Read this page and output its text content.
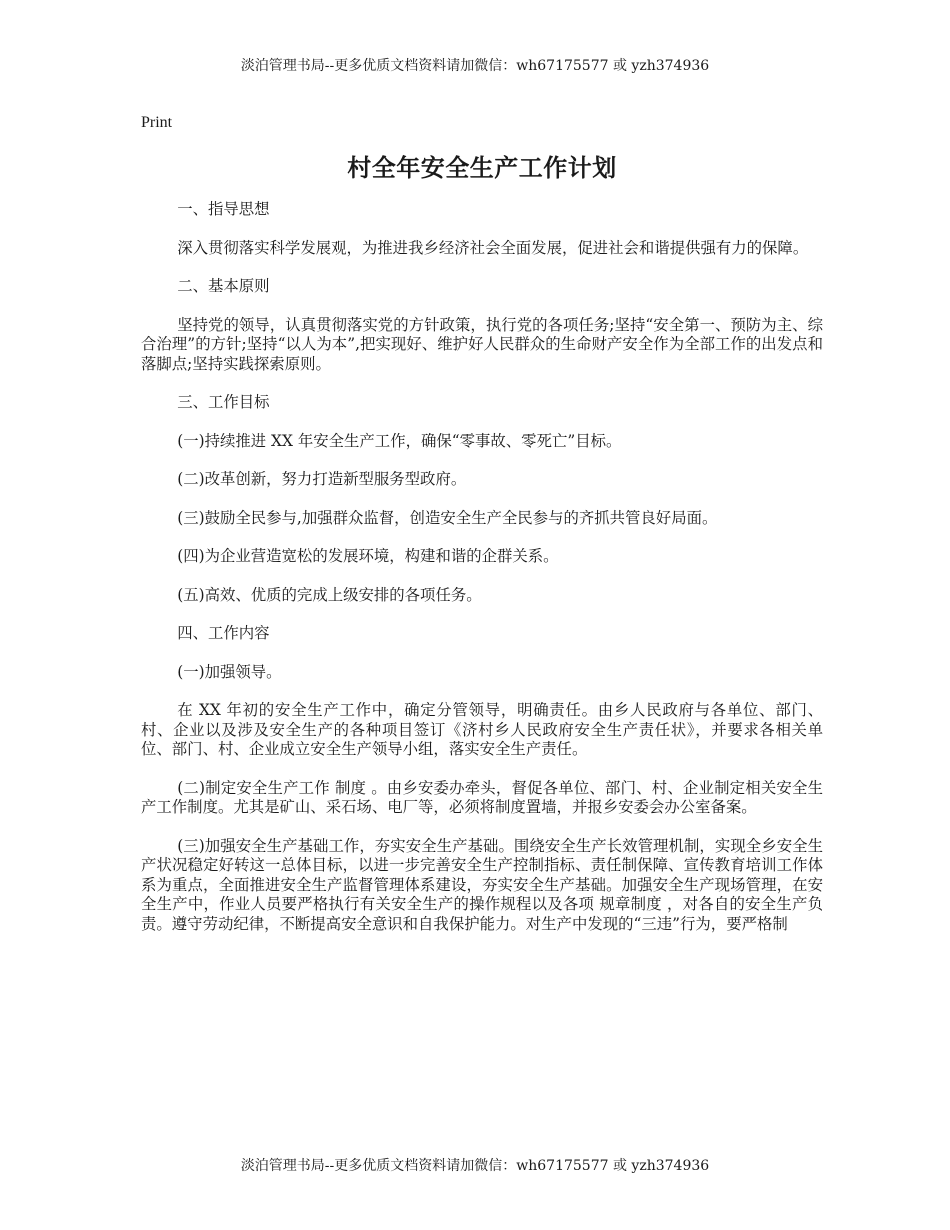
淡泊管理书局--更多优质文档资料请加微信：wh67175577 或 yzh374936
Print
村全年安全生产工作计划

一、指导思想

深入贯彻落实科学发展观，为推进我乡经济社会全面发展，促进社会和谐提供强有力的保障。

二、基本原则

坚持党的领导，认真贯彻落实党的方针政策，执行党的各项任务;坚持“安全第一、预防为主、综合治理”的方针;坚持“以人为本”,把实现好、维护好人民群众的生命财产安全作为全部工作的出发点和落脚点;坚持实践探索原则。

三、工作目标

(一)持续推进 XX 年安全生产工作，确保“零事故、零死亡”目标。

(二)改革创新，努力打造新型服务型政府。

(三)鼓励全民参与,加强群众监督，创造安全生产全民参与的齐抓共管良好局面。

(四)为企业营造宽松的发展环境，构建和谐的企群关系。

(五)高效、优质的完成上级安排的各项任务。

四、工作内容

(一)加强领导。

在 XX 年初的安全生产工作中，确定分管领导，明确责任。由乡人民政府与各单位、部门、村、企业以及涉及安全生产的各种项目签订《济村乡人民政府安全生产责任状》，并要求各相关单位、部门、村、企业成立安全生产领导小组，落实安全生产责任。

(二)制定安全生产工作 制度 。由乡安委办牵头，督促各单位、部门、村、企业制定相关安全生产工作制度。尤其是矿山、采石场、电厂等，必须将制度置墙，并报乡安委会办公室备案。

(三)加强安全生产基础工作，夯实安全生产基础。围绕安全生产长效管理机制，实现全乡安全生产状况稳定好转这一总体目标，以进一步完善安全生产控制指标、责任制保障、宣传教育培训工作体系为重点，全面推进安全生产监督管理体系建设，夯实安全生产基础。加强安全生产现场管理，在安全生产中，作业人员要严格执行有关安全生产的操作规程以及各项 规章制度 ，对各自的安全生产负责。遵守劳动纪律，不断提高安全意识和自我保护能力。对生产中发现的“三违”行为，要严格制

淡泊管理书局--更多优质文档资料请加微信：wh67175577 或 yzh374936
